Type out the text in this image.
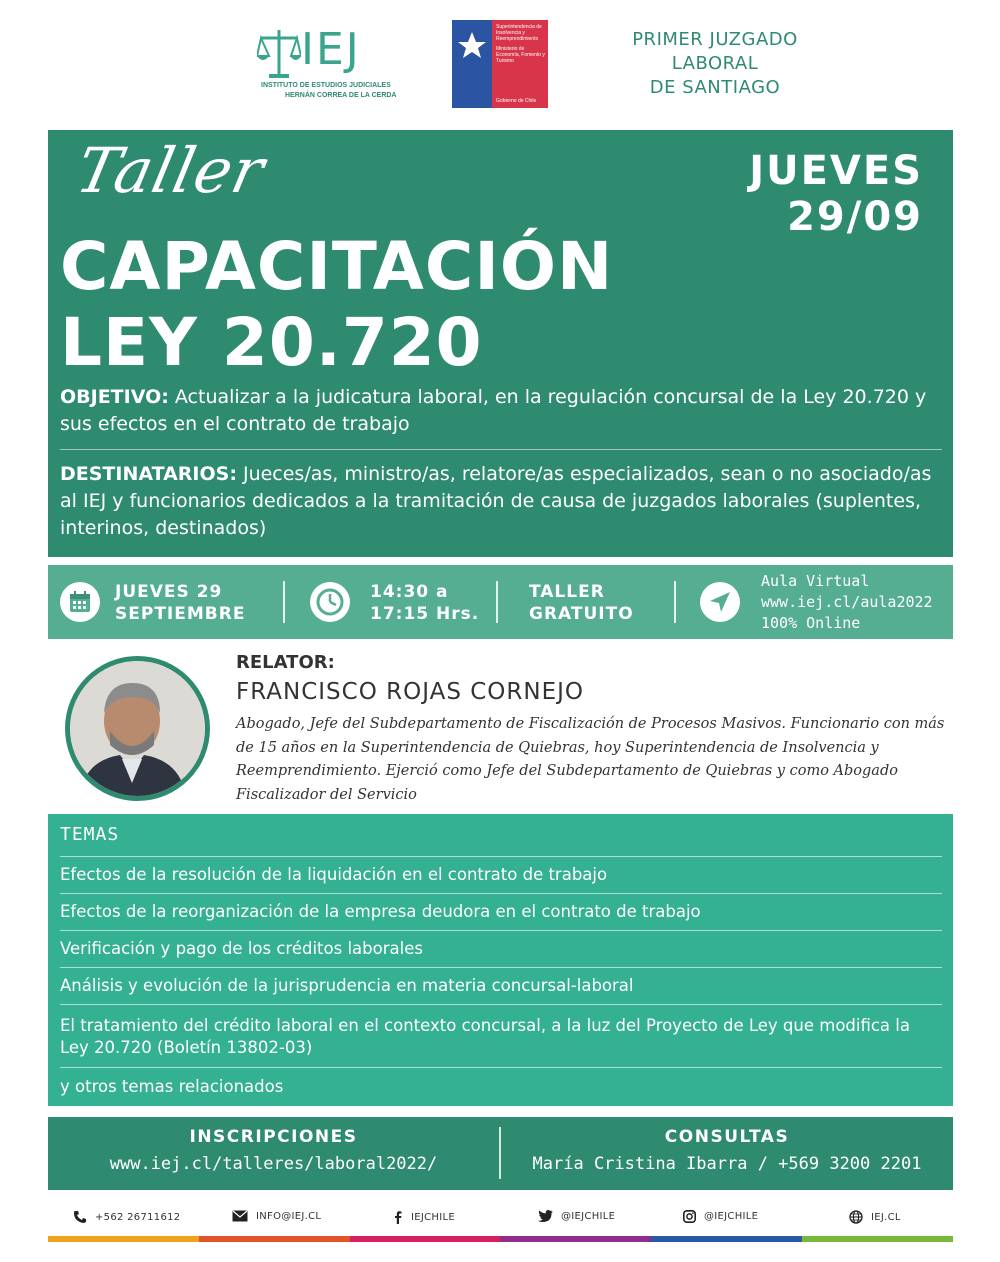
IEJ
INSTITUTO DE ESTUDIOS JUDICIALES
HERNÁN CORREA DE LA CERDA
Superintendencia de Insolvencia y Reemprendimiento
Ministerio de Economía, Fomento y Turismo
Gobierno de Chile
PRIMER JUZGADO
LABORAL
DE SANTIAGO
Taller	JUEVES
29/09
CAPACITACIÓN
LEY 20.720
OBJETIVO: Actualizar a la judicatura laboral, en la regulación concursal de la Ley 20.720 y sus efectos en el contrato de trabajo
DESTINATARIOS: Jueces/as, ministro/as, relatore/as especializados, sean o no asociado/as al IEJ y funcionarios dedicados a la tramitación de causa de juzgados laborales (suplentes, interinos, destinados)
JUEVES 29
SEPTIEMBRE
14:30 a
17:15 Hrs.
TALLER
GRATUITO
Aula Virtual
www.iej.cl/aula2022
100% Online
RELATOR:
FRANCISCO ROJAS CORNEJO
Abogado, Jefe del Subdepartamento de Fiscalización de Procesos Masivos. Funcionario con más de 15 años en la Superintendencia de Quiebras, hoy Superintendencia de Insolvencia y Reemprendimiento. Ejerció como Jefe del Subdepartamento de Quiebras y como Abogado Fiscalizador del Servicio
TEMAS
Efectos de la resolución de la liquidación en el contrato de trabajo
Efectos de la reorganización de la empresa deudora en el contrato de trabajo
Verificación y pago de los créditos laborales
Análisis y evolución de la jurisprudencia en materia concursal-laboral
El tratamiento del crédito laboral en el contexto concursal, a la luz del Proyecto de Ley que modifica la Ley 20.720 (Boletín 13802-03)
y otros temas relacionados
INSCRIPCIONES
www.iej.cl/talleres/laboral2022/
CONSULTAS
María Cristina Ibarra / +569 3200 2201
+562 26711612	INFO@IEJ.CL	IEJCHILE	@IEJCHILE	@IEJCHILE	IEJ.CL
